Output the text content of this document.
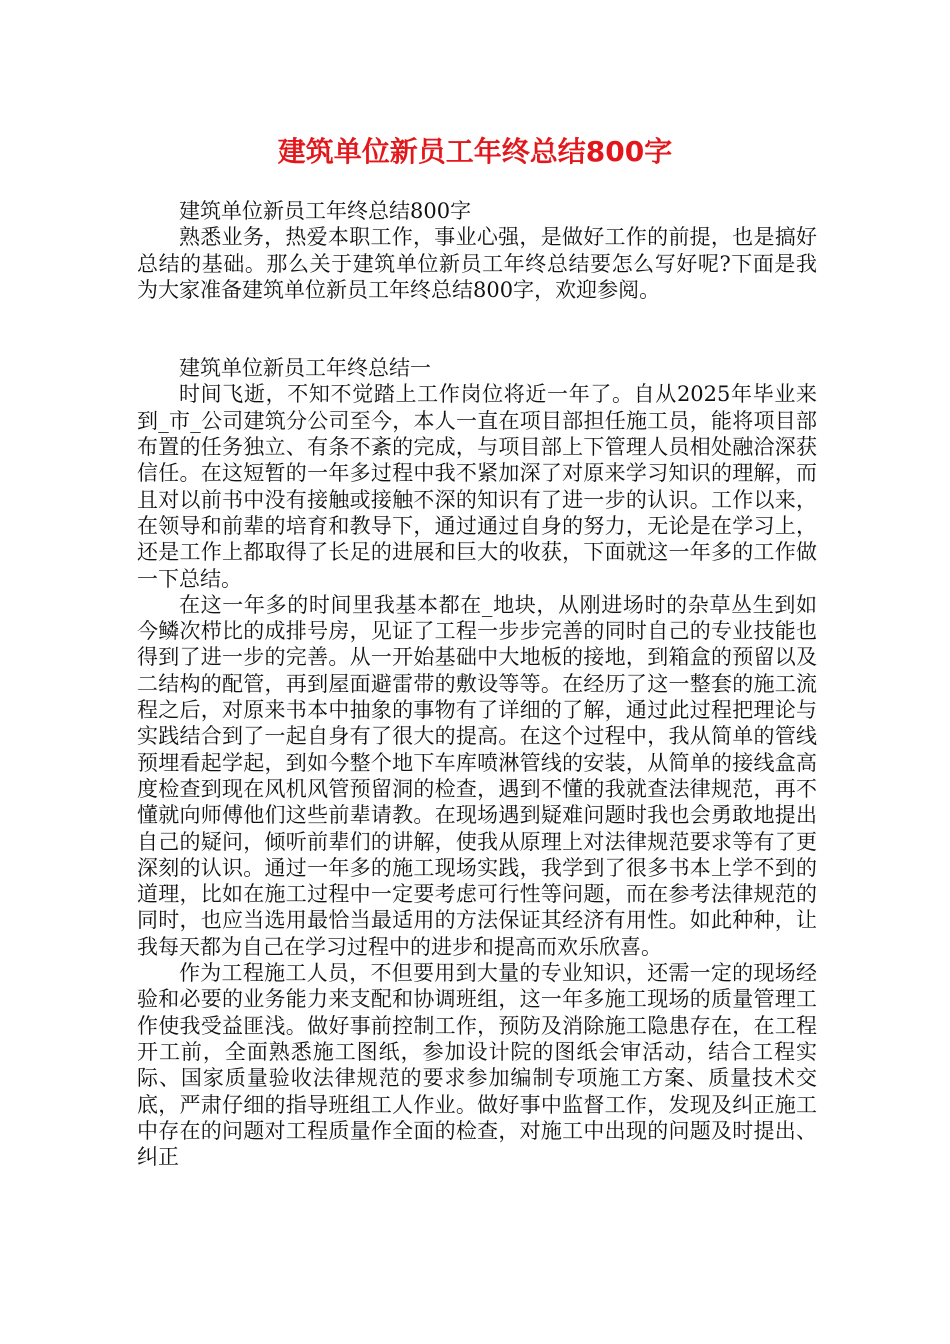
建筑单位新员工年终总结800字

建筑单位新员工年终总结800字

熟悉业务，热爱本职工作，事业心强，是做好工作的前提，也是搞好总结的基础。那么关于建筑单位新员工年终总结要怎么写好呢?下面是我为大家准备建筑单位新员工年终总结800字，欢迎参阅。

建筑单位新员工年终总结一

时间飞逝，不知不觉踏上工作岗位将近一年了。自从2025年毕业来到_市_公司建筑分公司至今，本人一直在项目部担任施工员，能将项目部布置的任务独立、有条不紊的完成，与项目部上下管理人员相处融洽深获信任。在这短暂的一年多过程中我不紧加深了对原来学习知识的理解，而且对以前书中没有接触或接触不深的知识有了进一步的认识。工作以来，在领导和前辈的培育和教导下，通过通过自身的努力，无论是在学习上，还是工作上都取得了长足的进展和巨大的收获，下面就这一年多的工作做一下总结。

在这一年多的时间里我基本都在_地块，从刚进场时的杂草丛生到如今鳞次栉比的成排号房，见证了工程一步步完善的同时自己的专业技能也得到了进一步的完善。从一开始基础中大地板的接地，到箱盒的预留以及二结构的配管，再到屋面避雷带的敷设等等。在经历了这一整套的施工流程之后，对原来书本中抽象的事物有了详细的了解，通过此过程把理论与实践结合到了一起自身有了很大的提高。在这个过程中，我从简单的管线预埋看起学起，到如今整个地下车库喷淋管线的安装，从简单的接线盒高度检查到现在风机风管预留洞的检查，遇到不懂的我就查法律规范，再不懂就向师傅他们这些前辈请教。在现场遇到疑难问题时我也会勇敢地提出自己的疑问，倾听前辈们的讲解，使我从原理上对法律规范要求等有了更深刻的认识。通过一年多的施工现场实践，我学到了很多书本上学不到的道理，比如在施工过程中一定要考虑可行性等问题，而在参考法律规范的同时，也应当选用最恰当最适用的方法保证其经济有用性。如此种种，让我每天都为自己在学习过程中的进步和提高而欢乐欣喜。

作为工程施工人员，不但要用到大量的专业知识，还需一定的现场经验和必要的业务能力来支配和协调班组，这一年多施工现场的质量管理工作使我受益匪浅。做好事前控制工作，预防及消除施工隐患存在，在工程开工前，全面熟悉施工图纸，参加设计院的图纸会审活动，结合工程实际、国家质量验收法律规范的要求参加编制专项施工方案、质量技术交底，严肃仔细的指导班组工人作业。做好事中监督工作，发现及纠正施工中存在的问题对工程质量作全面的检查，对施工中出现的问题及时提出、纠正
